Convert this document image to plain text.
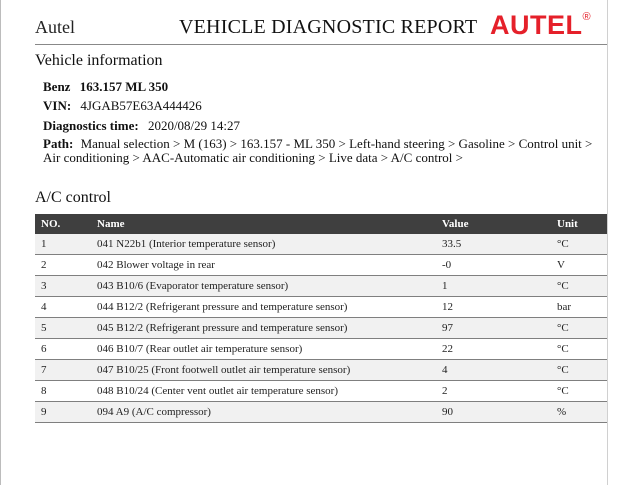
Autel	VEHICLE DIAGNOSTIC REPORT AUTEL®
Vehicle information
Benz 163.157 ML 350
VIN: 4JGAB57E63A444426
Diagnostics time: 2020/08/29 14:27
Path: Manual selection > M (163) > 163.157 - ML 350 > Left-hand steering > Gasoline > Control unit > Air conditioning > AAC-Automatic air conditioning > Live data > A/C control >
A/C control
NO.	Name	Value	Unit
1	041 N22b1 (Interior temperature sensor)	33.5	°C
2	042 Blower voltage in rear	-0	V
3	043 B10/6 (Evaporator temperature sensor)	1	°C
4	044 B12/2 (Refrigerant pressure and temperature sensor)	12	bar
5	045 B12/2 (Refrigerant pressure and temperature sensor)	97	°C
6	046 B10/7 (Rear outlet air temperature sensor)	22	°C
7	047 B10/25 (Front footwell outlet air temperature sensor)	4	°C
8	048 B10/24 (Center vent outlet air temperature sensor)	2	°C
9	094 A9 (A/C compressor)	90	%
